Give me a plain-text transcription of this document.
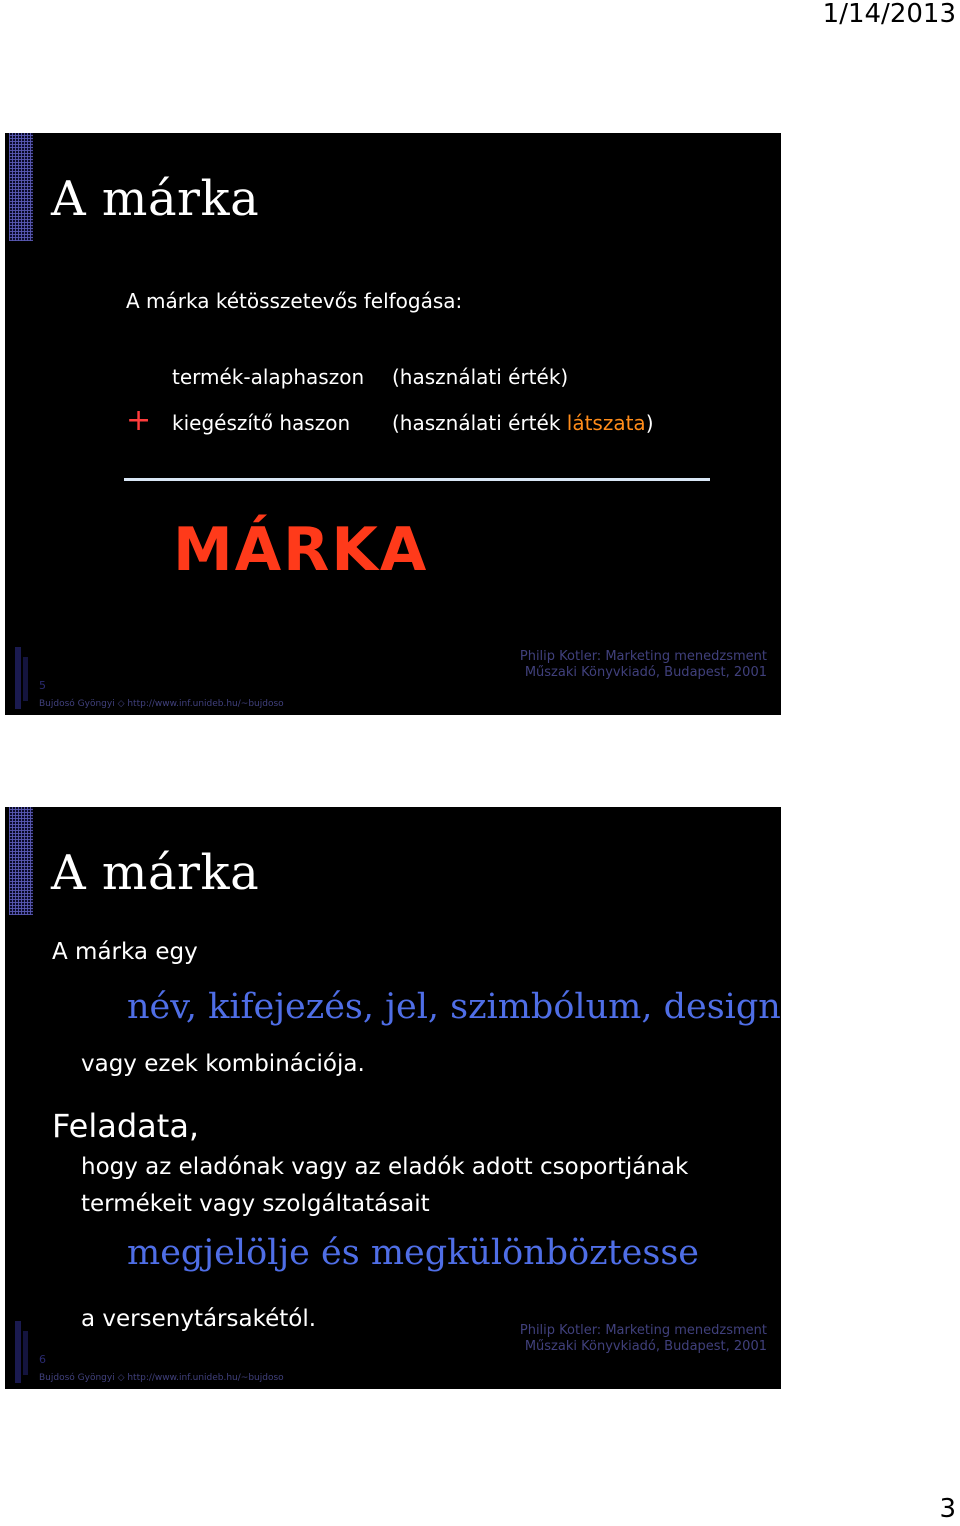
1/14/2013
5
A márka
A márka kétösszetevős felfogása:
termék-alaphaszon (használati érték)
+ kiegészítő haszon (használati érték látszata)
MÁRKA
Philip Kotler: Marketing menedzsment
Műszaki Könyvkiadó, Budapest, 2001
Bujdosó Gyöngyi ◇ http://www.inf.unideb.hu/~bujdoso
6
A márka
A márka egy
név, kifejezés, jel, szimbólum, design
vagy ezek kombinációja.
Feladata,
hogy az eladónak vagy az eladók adott csoportjának
termékeit vagy szolgáltatásait
megjelölje és megkülönböztesse
a versenytársakétól.	Philip Kotler: Marketing menedzsment
Műszaki Könyvkiadó, Budapest, 2001
Bujdosó Gyöngyi ◇ http://www.inf.unideb.hu/~bujdoso
3
